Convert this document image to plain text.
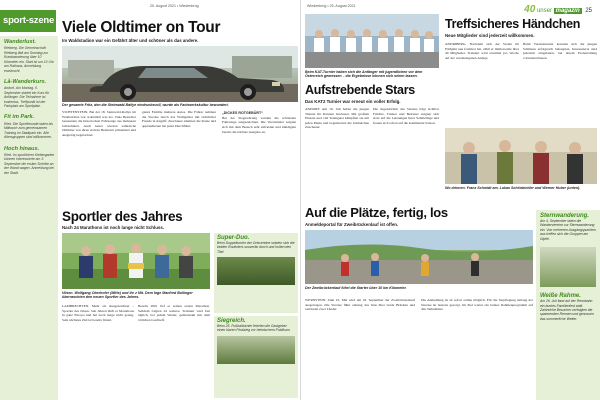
sport-szene
25. August 2021 • Wiedenbrüg
Wanderlust.
Rietberg. Die Gemeinschaft Rietberg lädt am Sonntag zur Rundwanderung über 10 Kilometer ein. Start ist um 10 Uhr am Rathaus, Anmeldung erwünscht.
Lå-Wanderkurs.
Andorf. Am Montag, 5. September startet ein Kurs für Anfänger. Die Teilnahme ist kostenlos, Treffpunkt ist der Parkplatz am Sportplatz.
Fit im Park.
Ried. Die Sportfreunde laden bis Mittwoch zum gemeinsamen Training im Stadtpark ein. Alle Altersgruppen sind willkommen.
Hoch hinaus.
Ried. Im sportlichen Klettergarten können Interessierte am 3. September die ersten Schritte an der Wand wagen. Anmeldung bei der Stadt.
Viele Oldtimer on Tour
Im Waldstadion war ein Gefährt älter und schöner als das andere.
Der gesamte Fritz, den die Steinwald-Rallye eindrucksvoll, wurde als Fachwerkskultur bewundert.
VICHTENSTEIN. Bei der 18. Steinwald-Rallye im Waldstadion war ordentlich was los. Viele Besucher bestaunten die historischen Fahrzeuge aus mehreren Jahrzehnten. Auch heuer wurden zahlreiche Oldtimer von ihren stolzen Besitzern präsentiert und ausgiebig begutachtet.
ganze Familie mehrere Autos. Die Fahrer nahmen die Strecke durch das Waldgebiet mit sichtlicher Freude in Angriff. Zuschauer säumten die Route und applaudierten bei jeder Durchfahrt.
„DICKES ROTGEBÜRT“
Bei der Siegerehrung wurden die schönsten Fahrzeuge ausgezeichnet. Die Veranstalter zeigten sich mit dem Besuch sehr zufrieden und kündigten bereits die nächste Ausgabe an.
Sportler des Jahres
Nach 24 Marathons ist noch lange nicht Schluss.
Vilsen. Wolfgang Oberhofer (Mitte) und Ihr z Mit. Dem Inge Manfred Bullinger überraschten den neuen Sportler des Jahres.
LAMBRECHTEN. Mehr als Ausgezeichnet – Sportler des Jahres. Seit Jahren läuft er Marathons in ganz Europa und hat noch lange nicht genug. Sein nächstes Ziel ist bereits fixiert.
Bereits 2001 lief er seinen ersten Marathon. Seitdem folgten 24 weitere. Trainiert wird fast täglich, bei jedem Wetter, gemeinsam mit dem örtlichen Lauftreff.
Super-Duo.
Beim Doppelturnier der Ortsvereine setzten sich die beiden Routiniers souverän durch und holten den Titel.
Siegreich.
Beim 25. Fußballturnier feierten die Gastgeber einen klaren Finalsieg vor heimischem Publikum.
Wiedenbrüg • 25. August 2021	40 unser magazin 25
Beim KAT-Turnier haben sich die Anfänger mit jugendlichen vor dem Österreich gemessen – die Ergebnisse können sich sehen lassen.
Aufstrebende Stars
Das KAT2 Turnier war erneut ein voller Erfolg.
ANDORF. Am 19. Juli haben die jungen Talente ihr Können bewiesen. Mit großem Einsatz und viel Teamgeist kämpften sie um jeden Punkt und begeisterten die zahlreichen Zuschauer.
Die Jugendarbeit des Vereins trägt sichtbar Früchte. Trainer und Betreuer zeigten sich stolz auf die Leistungen ihrer Schützlinge und freuen sich schon auf die kommende Saison.
Treffsicheres Händchen
Neue Mitglieder sind jederzeit willkommen.
ANDRIBERG. Nachdem sich der Verein im Frühjahr neu formiert hat, zählt er mittlerweile über 40 Mitglieder. Trainiert wird zweimal pro Woche auf der vereinseigenen Anlage.
Beim Vereinsturnier konnten sich die jungen Schützen erfolgreich behaupten. Interessierte sind jederzeit eingeladen, bei einem Probetraining vorbeizuschauen.
Wo drinnen. Franz Schmidt am. Lukas Schönbichler und Werner Huber (unten).
Auf die Plätze, fertig, los
Anmeldeportal für Zweibrückenlauf ist offen.
Der Zweibrückenlauf führt die Starter über 10 km Kilometer.
WERNSTEIN. Zum 10. Mal wird am 18. September der Zweibrückenlauf ausgetragen. Die Strecke führt entlang des Inns über beide Brücken und verbindet zwei Länder.
Die Anmeldung ist ab sofort online möglich. Für die Verpflegung entlang der Strecke ist bestens gesorgt, im Ziel wartet ein buntes Rahmenprogramm auf alle Teilnehmer.
Sternwanderung.
Am 4. September laden die Wandervereine zur Sternwanderung ein. Von mehreren Ausgangspunkten aus treffen sich die Gruppen am Gipfel.
Weiße Rahme.
Am 26. Juli fand auf der Rennbahn ein buntes Familienfest statt. Zahlreiche Besucher verfolgten die spannenden Rennen und genossen das sommerliche Wetter.
